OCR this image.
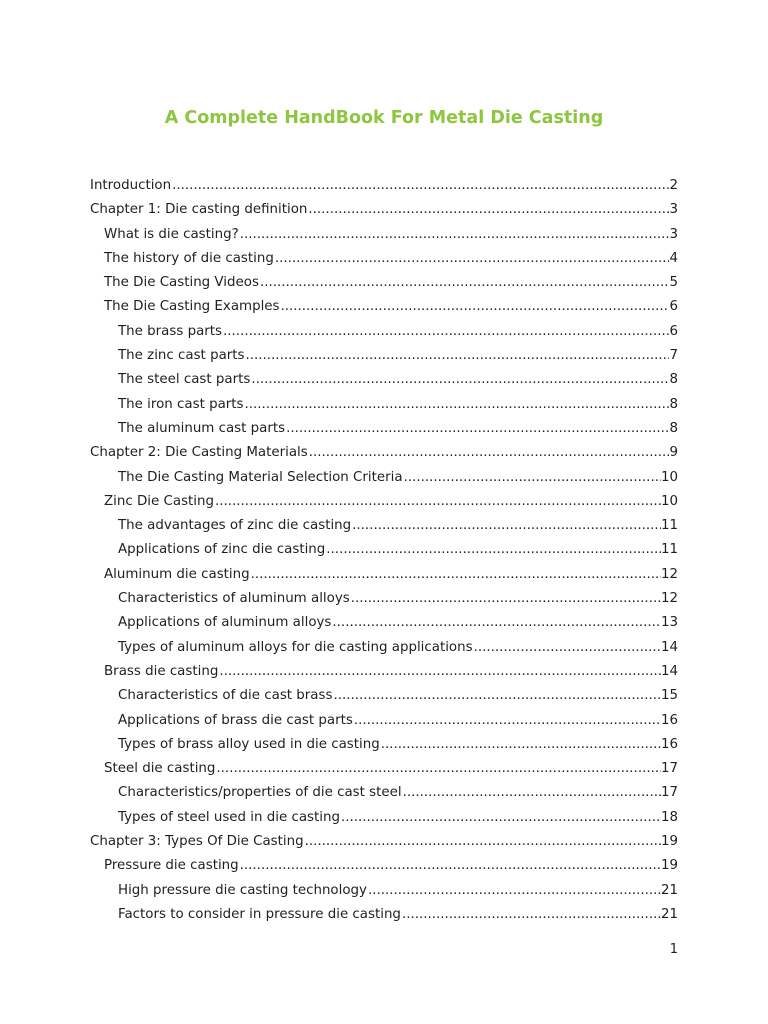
A Complete HandBook For Metal Die Casting
Introduction .....	2
Chapter 1: Die casting definition .....	3
What is die casting? .....	3
The history of die casting .....	4
The Die Casting Videos .....	5
The Die Casting Examples .....	6
The brass parts .....	6
The zinc cast parts .....	7
The steel cast parts .....	8
The iron cast parts .....	8
The aluminum cast parts .....	8
Chapter 2: Die Casting Materials .....	9
The Die Casting Material Selection Criteria .....	10
Zinc Die Casting .....	10
The advantages of zinc die casting .....	11
Applications of zinc die casting .....	11
Aluminum die casting .....	12
Characteristics of aluminum alloys .....	12
Applications of aluminum alloys .....	13
Types of aluminum alloys for die casting applications .....	14
Brass die casting .....	14
Characteristics of die cast brass .....	15
Applications of brass die cast parts .....	16
Types of brass alloy used in die casting .....	16
Steel die casting .....	17
Characteristics/properties of die cast steel .....	17
Types of steel used in die casting .....	18
Chapter 3: Types Of Die Casting .....	19
Pressure die casting .....	19
High pressure die casting technology .....	21
Factors to consider in pressure die casting .....	21
1
